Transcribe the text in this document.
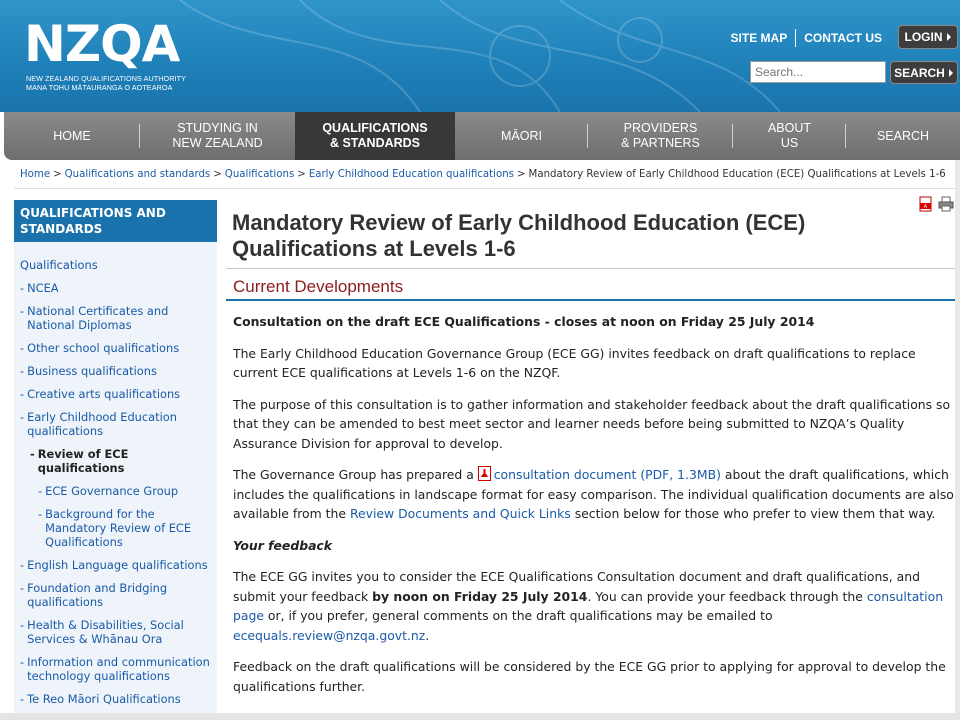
NZQA
NEW ZEALAND QUALIFICATIONS AUTHORITY
MANA TOHU MĀTAURANGA O AOTEAROA
SITE MAP CONTACT US LOGIN
Search...
SEARCH
HOME
STUDYING IN
NEW ZEALAND
QUALIFICATIONS
& STANDARDS
MĀORI
PROVIDERS
& PARTNERS
ABOUT
US
SEARCH
Home > Qualifications and standards > Qualifications > Early Childhood Education qualifications > Mandatory Review of Early Childhood Education (ECE) Qualifications at Levels 1-6
QUALIFICATIONS AND STANDARDS
Qualifications
- NCEA
- National Certificates and National Diplomas
- Other school qualifications
- Business qualifications
- Creative arts qualifications
- Early Childhood Education qualifications
- Review of ECE qualifications
- ECE Governance Group
- Background for the Mandatory Review of ECE Qualifications
- English Language qualifications
- Foundation and Bridging qualifications
- Health & Disabilities, Social Services & Whānau Ora
- Information and communication technology qualifications
- Te Reo Māori Qualifications
A
Mandatory Review of Early Childhood Education (ECE) Qualifications at Levels 1-6
Current Developments

Consultation on the draft ECE Qualifications - closes at noon on Friday 25 July 2014

The Early Childhood Education Governance Group (ECE GG) invites feedback on draft qualifications to replace current ECE qualifications at Levels 1-6 on the NZQF.

The purpose of this consultation is to gather information and stakeholder feedback about the draft qualifications so that they can be amended to best meet sector and learner needs before being submitted to NZQA’s Quality Assurance Division for approval to develop.

The Governance Group has prepared a consultation document (PDF, 1.3MB) about the draft qualifications, which includes the qualifications in landscape format for easy comparison. The individual qualification documents are also available from the Review Documents and Quick Links section below for those who prefer to view them that way.

Your feedback

The ECE GG invites you to consider the ECE Qualifications Consultation document and draft qualifications, and submit your feedback by noon on Friday 25 July 2014. You can provide your feedback through the consultation page or, if you prefer, general comments on the draft qualifications may be emailed to ecequals.review@nzqa.govt.nz.

Feedback on the draft qualifications will be considered by the ECE GG prior to applying for approval to develop the qualifications further.
